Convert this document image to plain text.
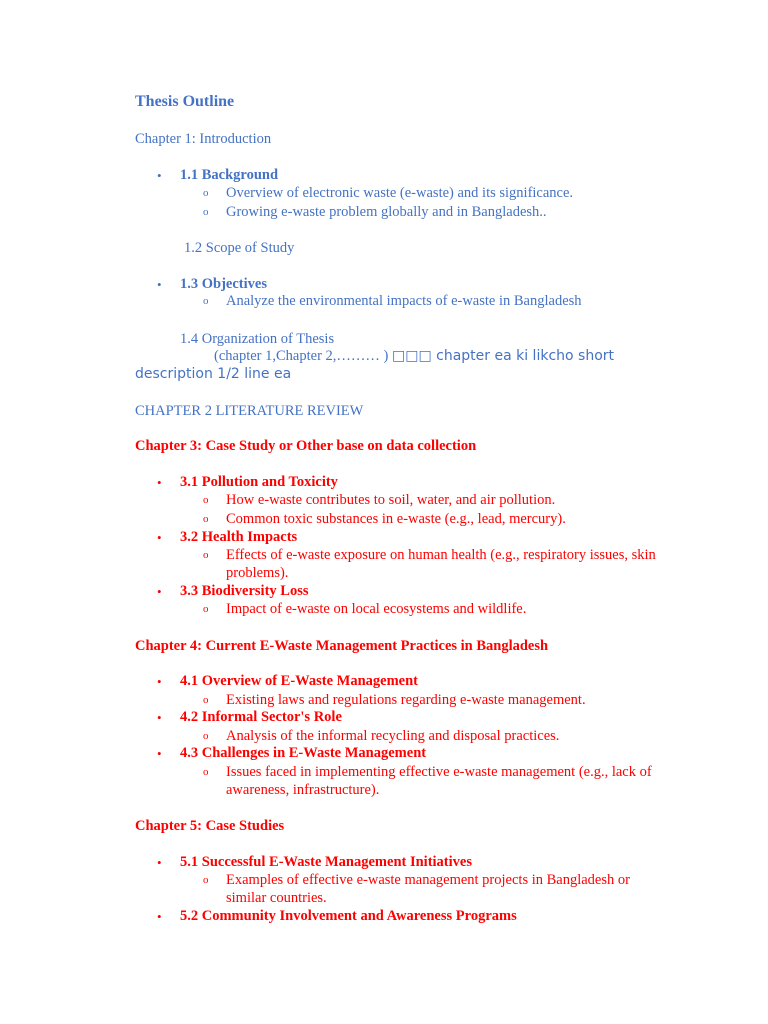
Thesis Outline
Chapter 1: Introduction
• 1.1 Background
o Overview of electronic waste (e-waste) and its significance.
o Growing e-waste problem globally and in Bangladesh..
1.2 Scope of Study
• 1.3 Objectives
o Analyze the environmental impacts of e-waste in Bangladesh
1.4 Organization of Thesis
(chapter 1,Chapter 2,……… ) □□□ chapter ea ki likcho short
description 1/2 line ea
CHAPTER 2 LITERATURE REVIEW
Chapter 3: Case Study or Other base on data collection
• 3.1 Pollution and Toxicity
o How e-waste contributes to soil, water, and air pollution.
o Common toxic substances in e-waste (e.g., lead, mercury).
• 3.2 Health Impacts
o Effects of e-waste exposure on human health (e.g., respiratory issues, skin
problems).
• 3.3 Biodiversity Loss
o Impact of e-waste on local ecosystems and wildlife.
Chapter 4: Current E-Waste Management Practices in Bangladesh
• 4.1 Overview of E-Waste Management
o Existing laws and regulations regarding e-waste management.
• 4.2 Informal Sector's Role
o Analysis of the informal recycling and disposal practices.
• 4.3 Challenges in E-Waste Management
o Issues faced in implementing effective e-waste management (e.g., lack of
awareness, infrastructure).
Chapter 5: Case Studies
• 5.1 Successful E-Waste Management Initiatives
o Examples of effective e-waste management projects in Bangladesh or
similar countries.
• 5.2 Community Involvement and Awareness Programs
